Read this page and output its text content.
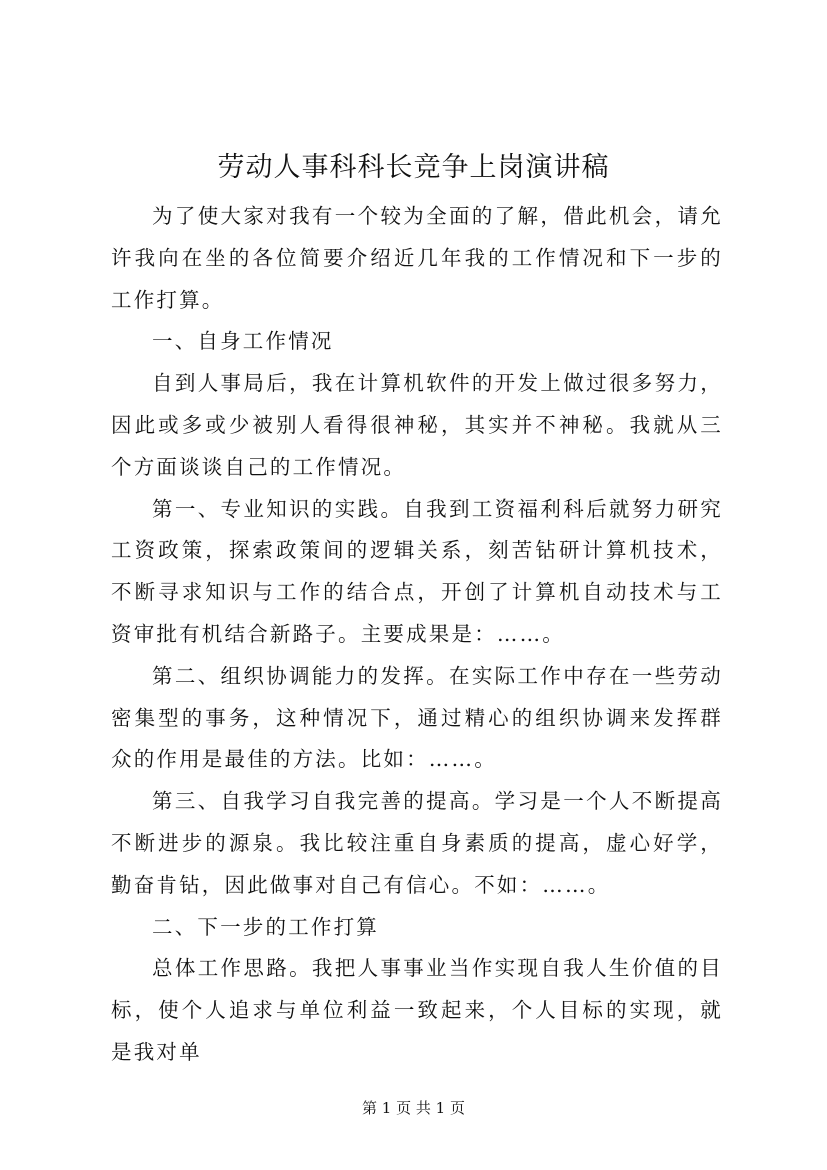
劳动人事科科长竞争上岗演讲稿

为了使大家对我有一个较为全面的了解，借此机会，请允许我向在坐的各位简要介绍近几年我的工作情况和下一步的工作打算。

一、自身工作情况

自到人事局后，我在计算机软件的开发上做过很多努力，因此或多或少被别人看得很神秘，其实并不神秘。我就从三个方面谈谈自己的工作情况。

第一、专业知识的实践。自我到工资福利科后就努力研究工资政策，探索政策间的逻辑关系，刻苦钻研计算机技术，不断寻求知识与工作的结合点，开创了计算机自动技术与工资审批有机结合新路子。主要成果是：……。

第二、组织协调能力的发挥。在实际工作中存在一些劳动密集型的事务，这种情况下，通过精心的组织协调来发挥群众的作用是最佳的方法。比如：……。

第三、自我学习自我完善的提高。学习是一个人不断提高不断进步的源泉。我比较注重自身素质的提高，虚心好学，勤奋肯钻，因此做事对自己有信心。不如：……。

二、下一步的工作打算

总体工作思路。我把人事事业当作实现自我人生价值的目标，使个人追求与单位利益一致起来，个人目标的实现，就是我对单

第 1 页 共 1 页
